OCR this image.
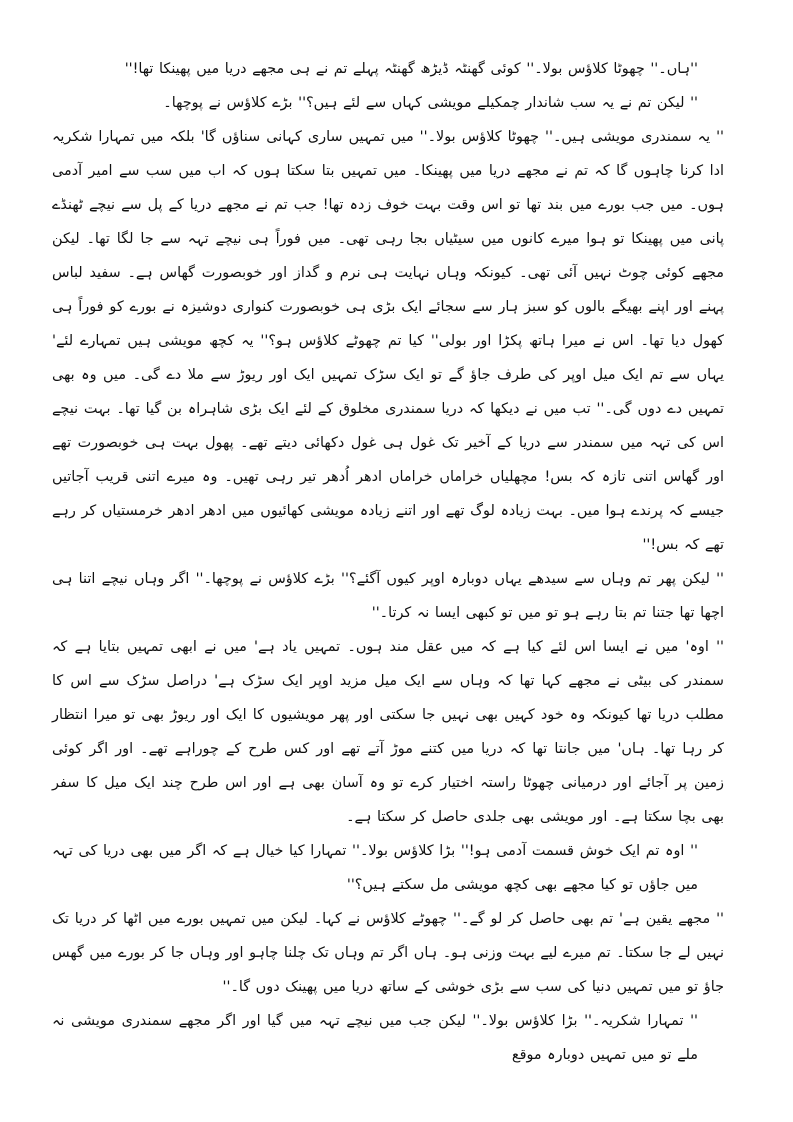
''ہاں۔'' چھوٹا کلاؤس بولا۔'' کوئی گھنٹہ ڈیڑھ گھنٹہ پہلے تم نے ہی مجھے دریا میں پھینکا تھا!''

'' لیکن تم نے یہ سب شاندار چمکیلے مویشی کہاں سے لئے ہیں؟'' بڑے کلاؤس نے پوچھا۔

'' یہ سمندری مویشی ہیں۔'' چھوٹا کلاؤس بولا۔'' میں تمہیں ساری کہانی سناؤں گا' بلکہ میں تمہارا شکریہ ادا کرنا چاہوں گا کہ تم نے مجھے دریا میں پھینکا۔ میں تمہیں بتا سکتا ہوں کہ اب میں سب سے امیر آدمی ہوں۔ میں جب بورے میں بند تھا تو اس وقت بہت خوف زدہ تھا! جب تم نے مجھے دریا کے پل سے نیچے ٹھنڈے پانی میں پھینکا تو ہوا میرے کانوں میں سیٹیاں بجا رہی تھی۔ میں فوراً ہی نیچے تہہ سے جا لگا تھا۔ لیکن مجھے کوئی چوٹ نہیں آئی تھی۔ کیونکہ وہاں نہایت ہی نرم و گداز اور خوبصورت گھاس ہے۔ سفید لباس پہنے اور اپنے بھیگے بالوں کو سبز ہار سے سجائے ایک بڑی ہی خوبصورت کنواری دوشیزہ نے بورے کو فوراً ہی کھول دیا تھا۔ اس نے میرا ہاتھ پکڑا اور بولی'' کیا تم چھوٹے کلاؤس ہو؟'' یہ کچھ مویشی ہیں تمہارے لئے' یہاں سے تم ایک میل اوپر کی طرف جاؤ گے تو ایک سڑک تمہیں ایک اور ریوڑ سے ملا دے گی۔ میں وہ بھی تمہیں دے دوں گی۔'' تب میں نے دیکھا کہ دریا سمندری مخلوق کے لئے ایک بڑی شاہراہ بن گیا تھا۔ بہت نیچے اس کی تہہ میں سمندر سے دریا کے آخیر تک غول ہی غول دکھائی دیتے تھے۔ پھول بہت ہی خوبصورت تھے اور گھاس اتنی تازہ کہ بس! مچھلیاں خراماں خراماں ادھر اُدھر تیر رہی تھیں۔ وہ میرے اتنی قریب آجاتیں جیسے کہ پرندے ہوا میں۔ بہت زیادہ لوگ تھے اور اتنے زیادہ مویشی کھائیوں میں ادھر ادھر خرمستیاں کر رہے تھے کہ بس!''

'' لیکن پھر تم وہاں سے سیدھے یہاں دوبارہ اوپر کیوں آگئے؟'' بڑے کلاؤس نے پوچھا۔'' اگر وہاں نیچے اتنا ہی اچھا تھا جتنا تم بتا رہے ہو تو میں تو کبھی ایسا نہ کرتا۔''

'' اوہ' میں نے ایسا اس لئے کیا ہے کہ میں عقل مند ہوں۔ تمہیں یاد ہے' میں نے ابھی تمہیں بتایا ہے کہ سمندر کی بیٹی نے مجھے کہا تھا کہ وہاں سے ایک میل مزید اوپر ایک سڑک ہے' دراصل سڑک سے اس کا مطلب دریا تھا کیونکہ وہ خود کہیں بھی نہیں جا سکتی اور پھر مویشیوں کا ایک اور ریوڑ بھی تو میرا انتظار کر رہا تھا۔ ہاں' میں جانتا تھا کہ دریا میں کتنے موڑ آتے تھے اور کس طرح کے چوراہے تھے۔ اور اگر کوئی زمین پر آجائے اور درمیانی چھوٹا راستہ اختیار کرے تو وہ آسان بھی ہے اور اس طرح چند ایک میل کا سفر بھی بچا سکتا ہے۔ اور مویشی بھی جلدی حاصل کر سکتا ہے۔

'' اوہ تم ایک خوش قسمت آدمی ہو!'' بڑا کلاؤس بولا۔'' تمہارا کیا خیال ہے کہ اگر میں بھی دریا کی تہہ میں جاؤں تو کیا مجھے بھی کچھ مویشی مل سکتے ہیں؟''

'' مجھے یقین ہے' تم بھی حاصل کر لو گے۔'' چھوٹے کلاؤس نے کہا۔ لیکن میں تمہیں بورے میں اٹھا کر دریا تک نہیں لے جا سکتا۔ تم میرے لیے بہت وزنی ہو۔ ہاں اگر تم وہاں تک چلنا چاہو اور وہاں جا کر بورے میں گھس جاؤ تو میں تمہیں دنیا کی سب سے بڑی خوشی کے ساتھ دریا میں پھینک دوں گا۔''

'' تمہارا شکریہ۔'' بڑا کلاؤس بولا۔'' لیکن جب میں نیچے تہہ میں گیا اور اگر مجھے سمندری مویشی نہ ملے تو میں تمہیں دوبارہ موقع
